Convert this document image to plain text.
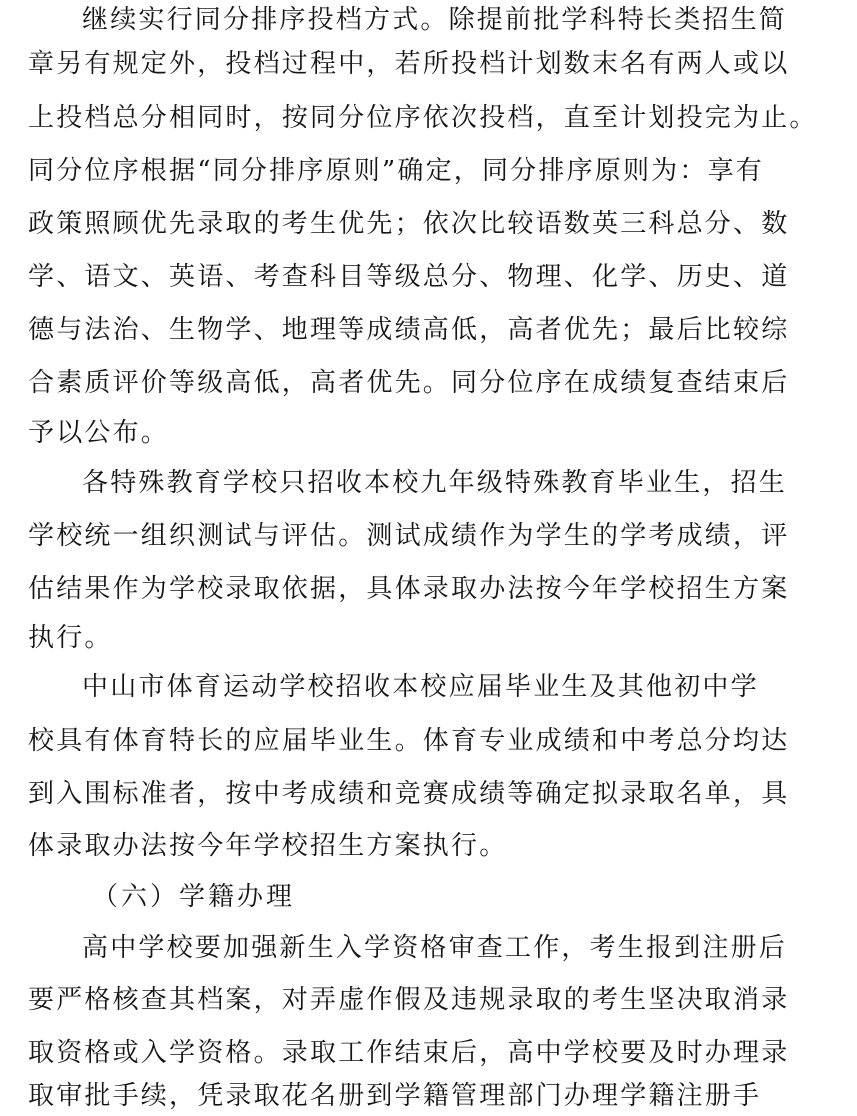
继续实行同分排序投档方式。除提前批学科特长类招生简
章另有规定外，投档过程中，若所投档计划数末名有两人或以
上投档总分相同时，按同分位序依次投档，直至计划投完为止。
同分位序根据“同分排序原则”确定，同分排序原则为：享有
政策照顾优先录取的考生优先；依次比较语数英三科总分、数
学、语文、英语、考查科目等级总分、物理、化学、历史、道
德与法治、生物学、地理等成绩高低，高者优先；最后比较综
合素质评价等级高低，高者优先。同分位序在成绩复查结束后
予以公布。
各特殊教育学校只招收本校九年级特殊教育毕业生，招生
学校统一组织测试与评估。测试成绩作为学生的学考成绩，评
估结果作为学校录取依据，具体录取办法按今年学校招生方案
执行。
中山市体育运动学校招收本校应届毕业生及其他初中学
校具有体育特长的应届毕业生。体育专业成绩和中考总分均达
到入围标准者，按中考成绩和竞赛成绩等确定拟录取名单，具
体录取办法按今年学校招生方案执行。
（六）学籍办理
高中学校要加强新生入学资格审查工作，考生报到注册后
要严格核查其档案，对弄虚作假及违规录取的考生坚决取消录
取资格或入学资格。录取工作结束后，高中学校要及时办理录
取审批手续，凭录取花名册到学籍管理部门办理学籍注册手
